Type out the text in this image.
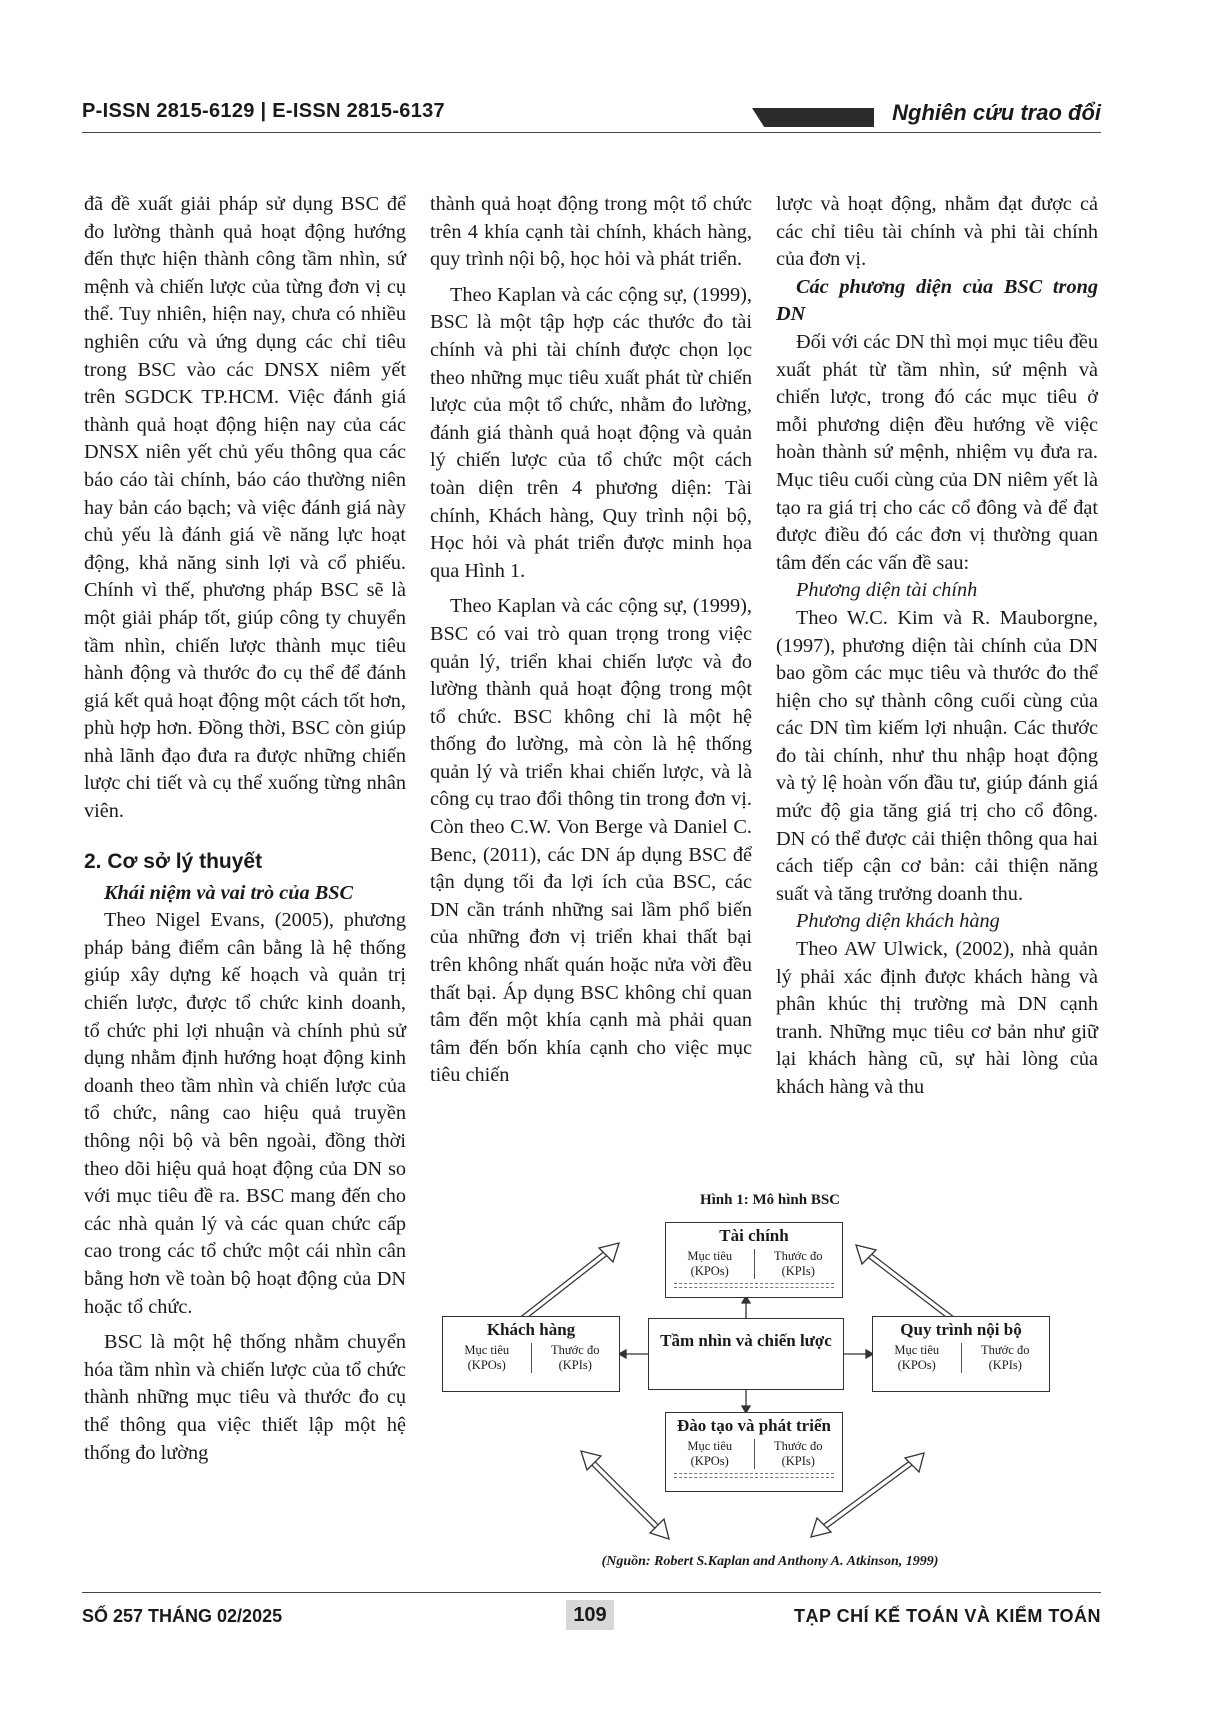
P-ISSN 2815-6129 | E-ISSN 2815-6137	Nghiên cứu trao đổi

đã đề xuất giải pháp sử dụng BSC để đo lường thành quả hoạt động hướng đến thực hiện thành công tầm nhìn, sứ mệnh và chiến lược của từng đơn vị cụ thể. Tuy nhiên, hiện nay, chưa có nhiều nghiên cứu và ứng dụng các chỉ tiêu trong BSC vào các DNSX niêm yết trên SGDCK TP.HCM. Việc đánh giá thành quả hoạt động hiện nay của các DNSX niên yết chủ yếu thông qua các báo cáo tài chính, báo cáo thường niên hay bản cáo bạch; và việc đánh giá này chủ yếu là đánh giá về năng lực hoạt động, khả năng sinh lợi và cổ phiếu. Chính vì thế, phương pháp BSC sẽ là một giải pháp tốt, giúp công ty chuyển tầm nhìn, chiến lược thành mục tiêu hành động và thước đo cụ thể để đánh giá kết quả hoạt động một cách tốt hơn, phù hợp hơn. Đồng thời, BSC còn giúp nhà lãnh đạo đưa ra được những chiến lược chi tiết và cụ thể xuống từng nhân viên.

2. Cơ sở lý thuyết

Khái niệm và vai trò của BSC

Theo Nigel Evans, (2005), phương pháp bảng điểm cân bằng là hệ thống giúp xây dựng kế hoạch và quản trị chiến lược, được tổ chức kinh doanh, tổ chức phi lợi nhuận và chính phủ sử dụng nhằm định hướng hoạt động kinh doanh theo tầm nhìn và chiến lược của tổ chức, nâng cao hiệu quả truyền thông nội bộ và bên ngoài, đồng thời theo dõi hiệu quả hoạt động của DN so với mục tiêu đề ra. BSC mang đến cho các nhà quản lý và các quan chức cấp cao trong các tổ chức một cái nhìn cân bằng hơn về toàn bộ hoạt động của DN hoặc tổ chức.

BSC là một hệ thống nhằm chuyển hóa tầm nhìn và chiến lược của tổ chức thành những mục tiêu và thước đo cụ thể thông qua việc thiết lập một hệ thống đo lường

thành quả hoạt động trong một tổ chức trên 4 khía cạnh tài chính, khách hàng, quy trình nội bộ, học hỏi và phát triển.

Theo Kaplan và các cộng sự, (1999), BSC là một tập hợp các thước đo tài chính và phi tài chính được chọn lọc theo những mục tiêu xuất phát từ chiến lược của một tổ chức, nhằm đo lường, đánh giá thành quả hoạt động và quản lý chiến lược của tổ chức một cách toàn diện trên 4 phương diện: Tài chính, Khách hàng, Quy trình nội bộ, Học hỏi và phát triển được minh họa qua Hình 1.

Theo Kaplan và các cộng sự, (1999), BSC có vai trò quan trọng trong việc quản lý, triển khai chiến lược và đo lường thành quả hoạt động trong một tổ chức. BSC không chỉ là một hệ thống đo lường, mà còn là hệ thống quản lý và triển khai chiến lược, và là công cụ trao đổi thông tin trong đơn vị. Còn theo C.W. Von Berge và Daniel C. Benc, (2011), các DN áp dụng BSC để tận dụng tối đa lợi ích của BSC, các DN cần tránh những sai lầm phổ biến của những đơn vị triển khai thất bại trên không nhất quán hoặc nửa vời đều thất bại. Áp dụng BSC không chỉ quan tâm đến một khía cạnh mà phải quan tâm đến bốn khía cạnh cho việc mục tiêu chiến

lược và hoạt động, nhằm đạt được cả các chỉ tiêu tài chính và phi tài chính của đơn vị.

Các phương diện của BSC trong DN

Đối với các DN thì mọi mục tiêu đều xuất phát từ tầm nhìn, sứ mệnh và chiến lược, trong đó các mục tiêu ở mỗi phương diện đều hướng về việc hoàn thành sứ mệnh, nhiệm vụ đưa ra. Mục tiêu cuối cùng của DN niêm yết là tạo ra giá trị cho các cổ đông và để đạt được điều đó các đơn vị thường quan tâm đến các vấn đề sau:

Phương diện tài chính

Theo W.C. Kim và R. Mauborgne, (1997), phương diện tài chính của DN bao gồm các mục tiêu và thước đo thể hiện cho sự thành công cuối cùng của các DN tìm kiếm lợi nhuận. Các thước đo tài chính, như thu nhập hoạt động và tỷ lệ hoàn vốn đầu tư, giúp đánh giá mức độ gia tăng giá trị cho cổ đông. DN có thể được cải thiện thông qua hai cách tiếp cận cơ bản: cải thiện năng suất và tăng trưởng doanh thu.

Phương diện khách hàng

Theo AW Ulwick, (2002), nhà quản lý phải xác định được khách hàng và phân khúc thị trường mà DN cạnh tranh. Những mục tiêu cơ bản như giữ lại khách hàng cũ, sự hài lòng của khách hàng và thu

Hình 1: Mô hình BSC
Tài chính
Mục tiêu
(KPOs)
Thước đo
(KPIs)
Khách hàng
Mục tiêu
(KPOs)
Thước đo
(KPIs)
Tầm nhìn và chiến lược
Quy trình nội bộ
Mục tiêu
(KPOs)
Thước đo
(KPIs)
Đào tạo và phát triển
Mục tiêu
(KPOs)
Thước đo
(KPIs)
(Nguồn: Robert S.Kaplan and Anthony A. Atkinson, 1999)
SỐ 257 THÁNG 02/2025	109	TẠP CHÍ KẾ TOÁN VÀ KIỂM TOÁN
